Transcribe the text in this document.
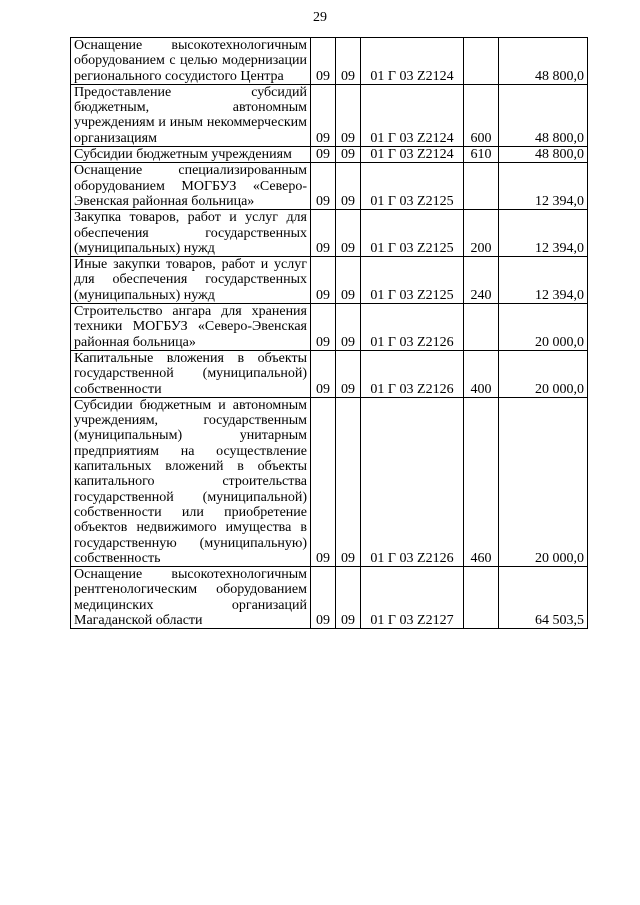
29
Оснащение высокотехнологичным оборудованием с целью модернизации регионального сосудистого Центра	09	09	01 Г 03 Z2124		48 800,0
Предоставление субсидий бюджетным, автономным учреждениям и иным некоммерческим организациям	09	09	01 Г 03 Z2124	600	48 800,0
Субсидии бюджетным учреждениям	09	09	01 Г 03 Z2124	610	48 800,0
Оснащение специализированным оборудованием МОГБУЗ «Северо-Эвенская районная больница»	09	09	01 Г 03 Z2125		12 394,0
Закупка товаров, работ и услуг для обеспечения государственных (муниципальных) нужд	09	09	01 Г 03 Z2125	200	12 394,0
Иные закупки товаров, работ и услуг для обеспечения государственных (муниципальных) нужд	09	09	01 Г 03 Z2125	240	12 394,0
Строительство ангара для хранения техники МОГБУЗ «Северо-Эвенская районная больница»	09	09	01 Г 03 Z2126		20 000,0
Капитальные вложения в объекты государственной (муниципальной) собственности	09	09	01 Г 03 Z2126	400	20 000,0
Субсидии бюджетным и автономным учреждениям, государственным (муниципальным) унитарным предприятиям на осуществление капитальных вложений в объекты капитального строительства государственной (муниципальной) собственности или приобретение объектов недвижимого имущества в государственную (муниципальную) собственность	09	09	01 Г 03 Z2126	460	20 000,0
Оснащение высокотехнологичным рентгенологическим оборудованием медицинских организаций Магаданской области	09	09	01 Г 03 Z2127		64 503,5
